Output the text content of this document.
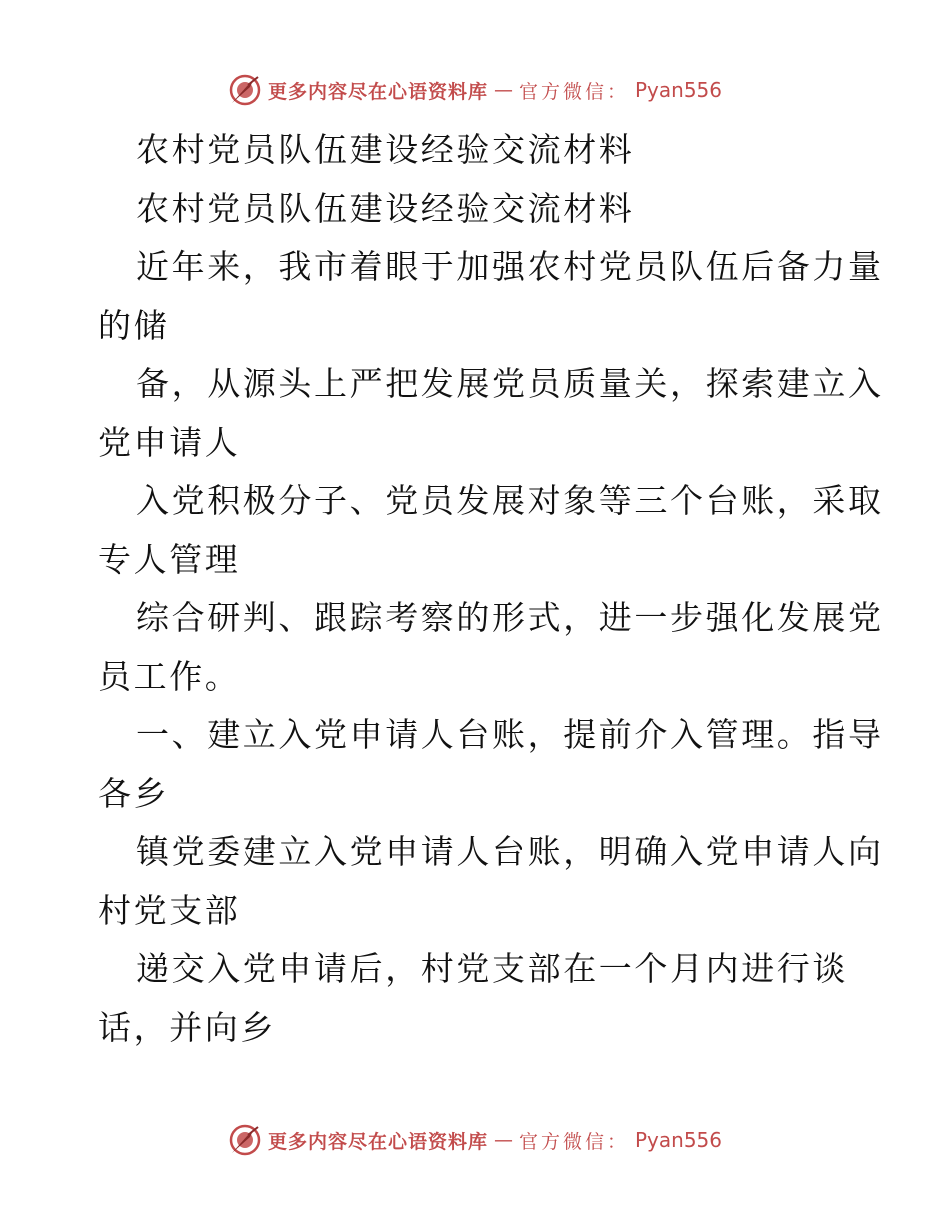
更多内容尽在心语资料库 — 官方微信： Pyan556
农村党员队伍建设经验交流材料
农村党员队伍建设经验交流材料
近年来，我市着眼于加强农村党员队伍后备力量
的储
备，从源头上严把发展党员质量关，探索建立入
党申请人
入党积极分子、党员发展对象等三个台账，采取
专人管理
综合研判、跟踪考察的形式，进一步强化发展党
员工作。
一、建立入党申请人台账，提前介入管理。指导
各乡
镇党委建立入党申请人台账，明确入党申请人向
村党支部
递交入党申请后，村党支部在一个月内进行谈
话，并向乡
更多内容尽在心语资料库 — 官方微信： Pyan556
